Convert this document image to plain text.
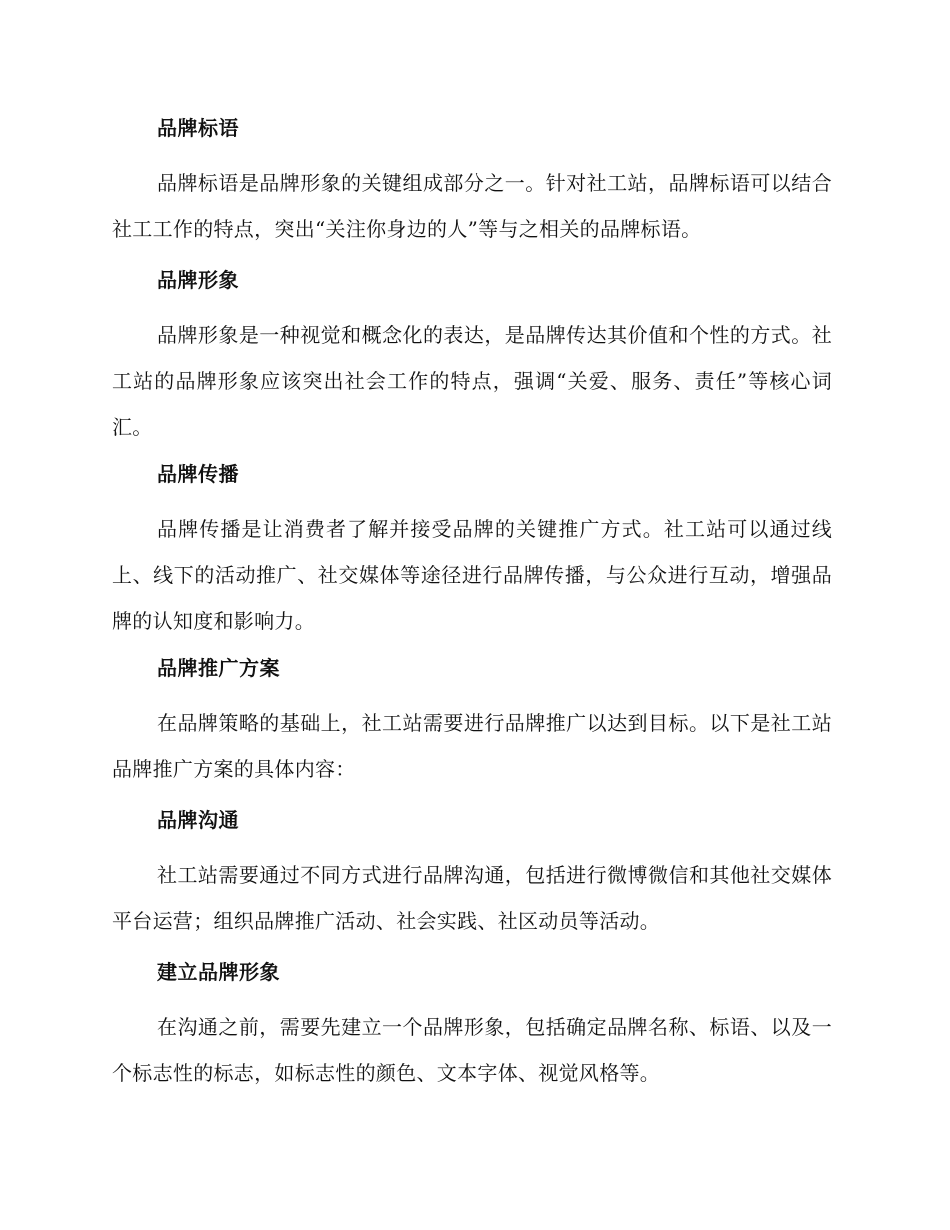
品牌标语
品牌标语是品牌形象的关键组成部分之一。针对社工站，品牌标语可以结合社工工作的特点，突出“关注你身边的人”等与之相关的品牌标语。
品牌形象
品牌形象是一种视觉和概念化的表达，是品牌传达其价值和个性的方式。社工站的品牌形象应该突出社会工作的特点，强调“关爱、服务、责任”等核心词汇。
品牌传播
品牌传播是让消费者了解并接受品牌的关键推广方式。社工站可以通过线上、线下的活动推广、社交媒体等途径进行品牌传播，与公众进行互动，增强品牌的认知度和影响力。
品牌推广方案
在品牌策略的基础上，社工站需要进行品牌推广以达到目标。以下是社工站品牌推广方案的具体内容：
品牌沟通
社工站需要通过不同方式进行品牌沟通，包括进行微博微信和其他社交媒体平台运营；组织品牌推广活动、社会实践、社区动员等活动。
建立品牌形象
在沟通之前，需要先建立一个品牌形象，包括确定品牌名称、标语、以及一个标志性的标志，如标志性的颜色、文本字体、视觉风格等。
